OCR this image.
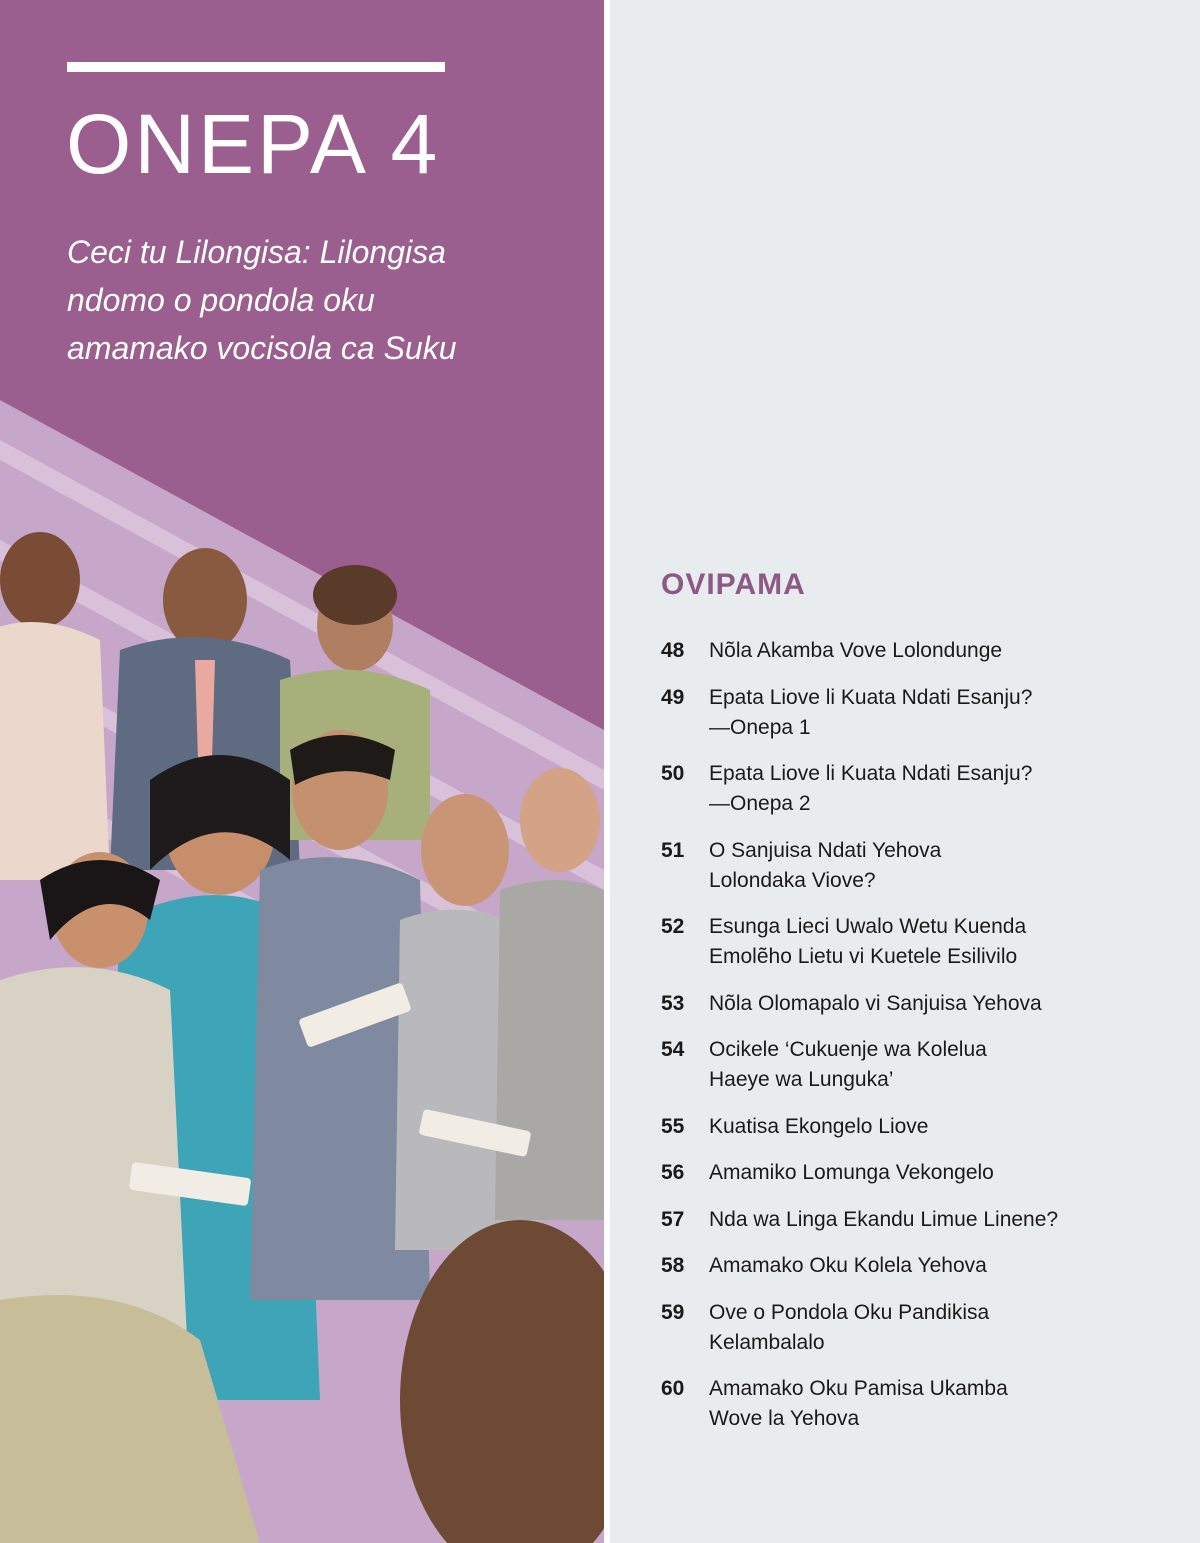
ONEPA 4

Ceci tu Lilongisa: Lilongisa
ndomo o pondola oku
amamako vocisola ca Suku

OVIPAMA
48	Nõla Akamba Vove Lolondunge
49	Epata Liove li Kuata Ndati Esanju?
—Onepa 1
50	Epata Liove li Kuata Ndati Esanju?
—Onepa 2
51	O Sanjuisa Ndati Yehova
Lolondaka Viove?
52	Esunga Lieci Uwalo Wetu Kuenda
Emolẽho Lietu vi Kuetele Esilivilo
53	Nõla Olomapalo vi Sanjuisa Yehova
54	Ocikele ‘Cukuenje wa Kolelua
Haeye wa Lunguka’
55	Kuatisa Ekongelo Liove
56	Amamiko Lomunga Vekongelo
57	Nda wa Linga Ekandu Limue Linene?
58	Amamako Oku Kolela Yehova
59	Ove o Pondola Oku Pandikisa
Kelambalalo
60	Amamako Oku Pamisa Ukamba
Wove la Yehova
